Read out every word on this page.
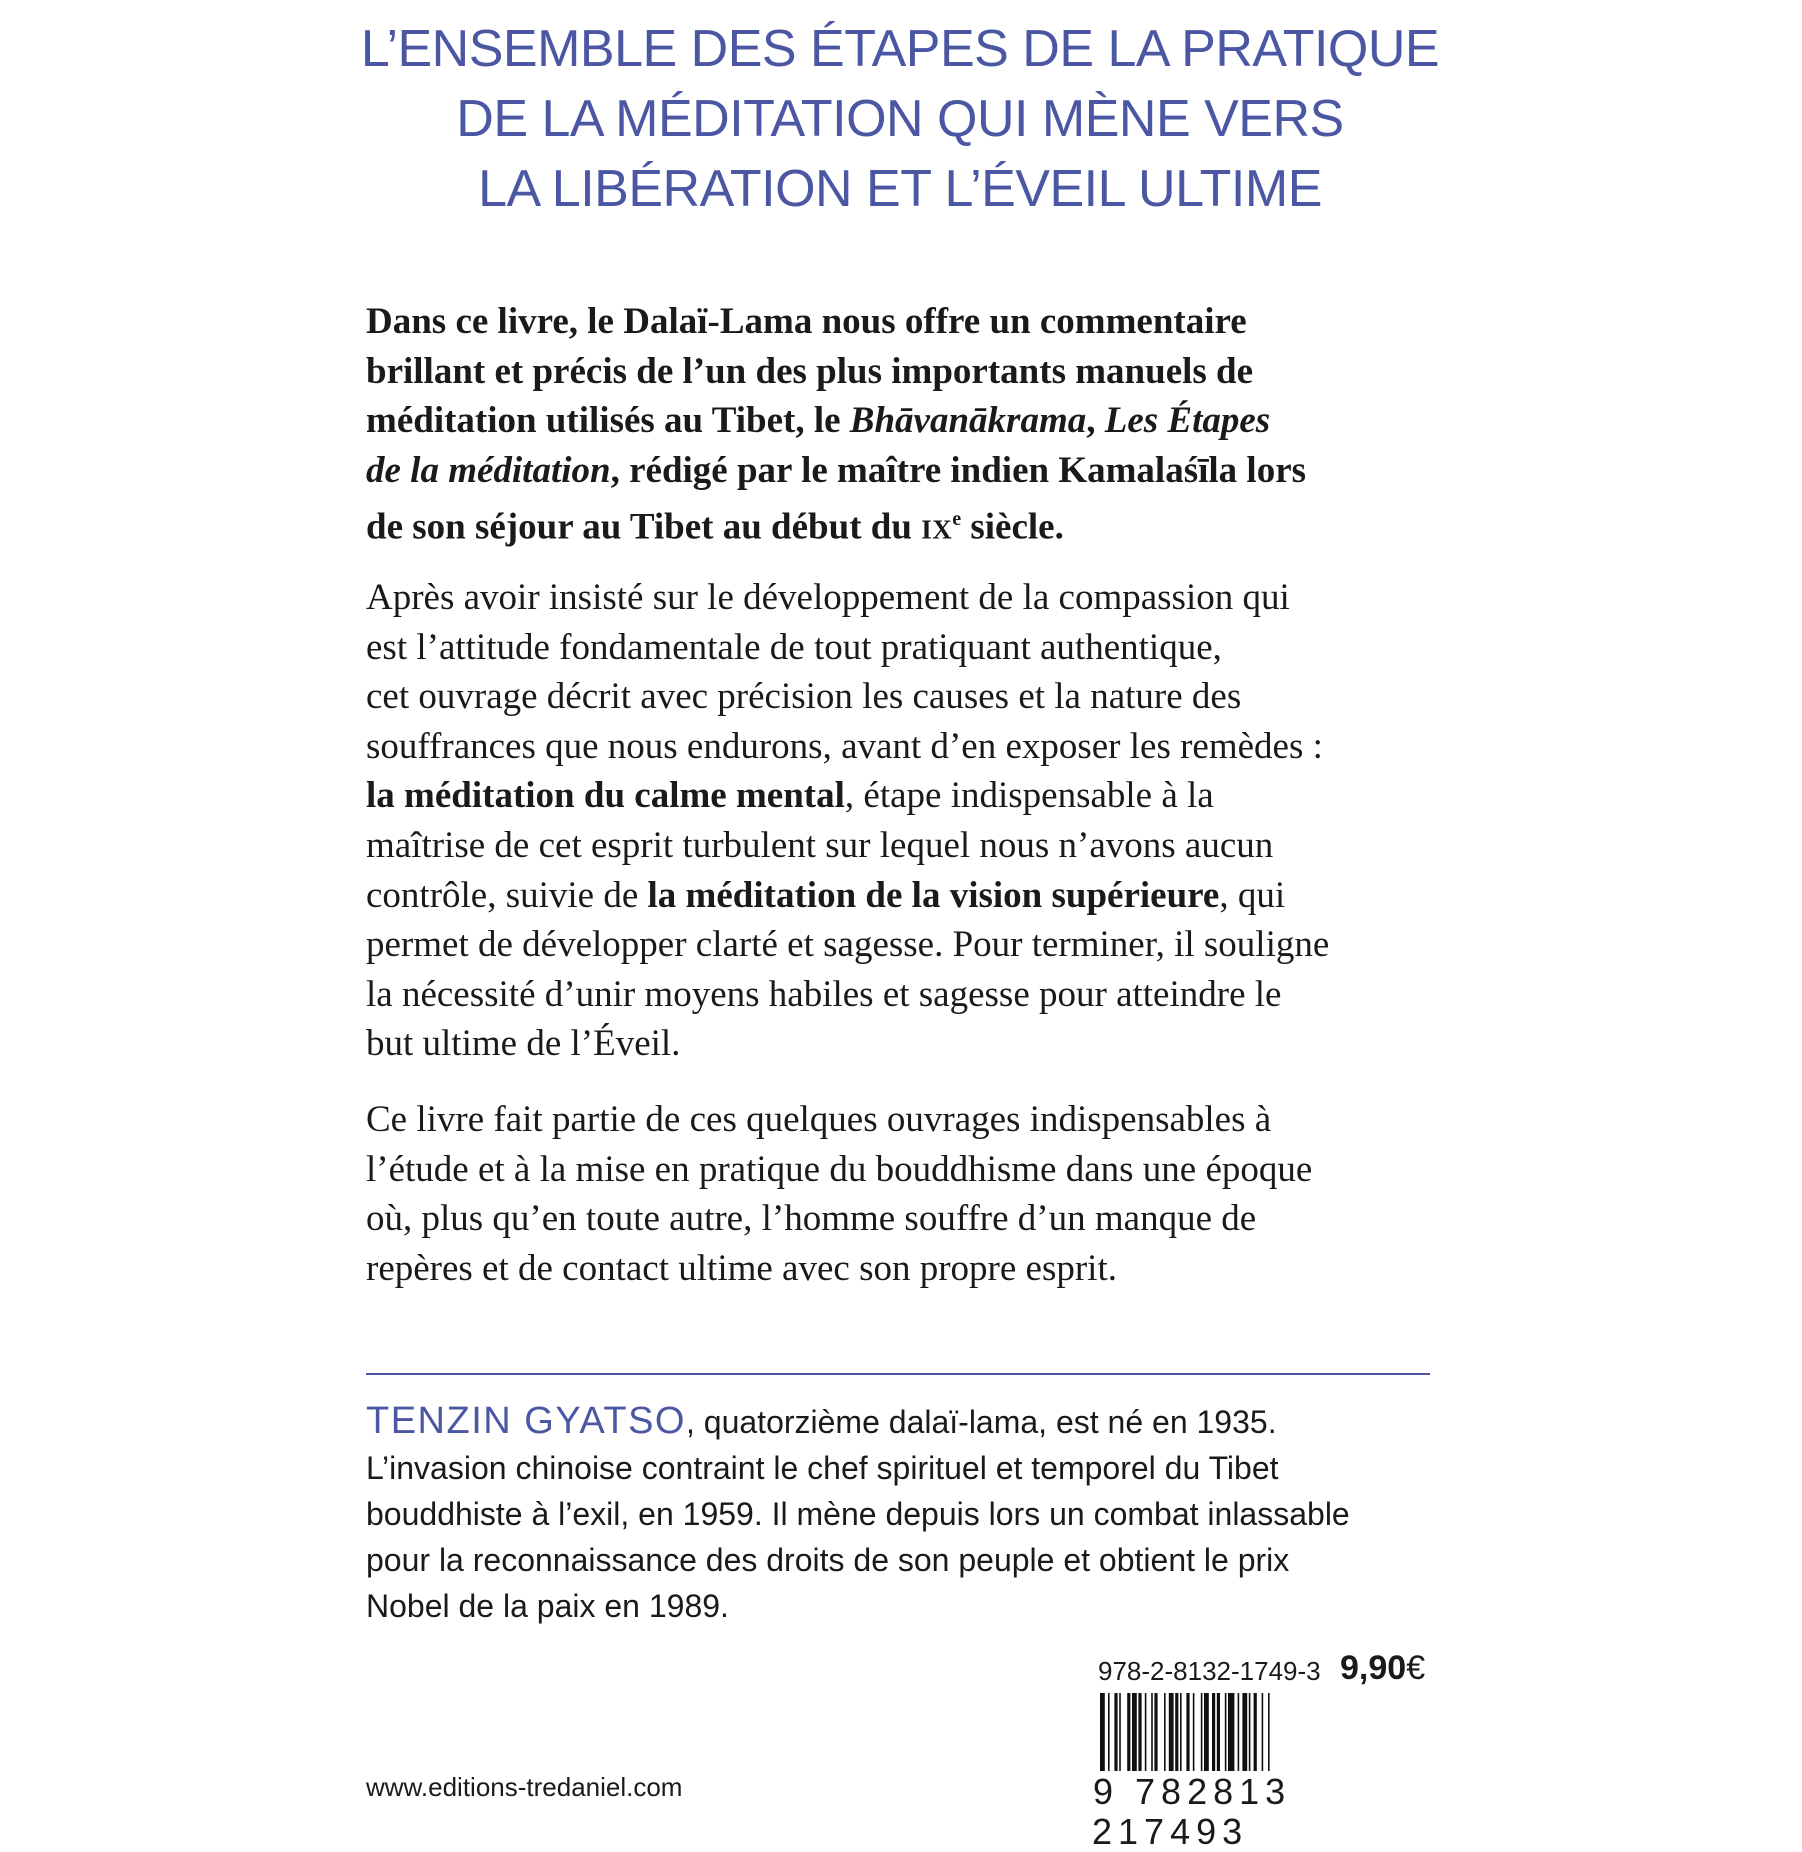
L’ENSEMBLE DES ÉTAPES DE LA PRATIQUE
DE LA MÉDITATION QUI MÈNE VERS
LA LIBÉRATION ET L’ÉVEIL ULTIME
Dans ce livre, le Dalaï-Lama nous offre un commentaire
brillant et précis de l’un des plus importants manuels de
méditation utilisés au Tibet, le Bhāvanākrama, Les Étapes
de la méditation, rédigé par le maître indien Kamalaśīla lors
de son séjour au Tibet au début du IXe siècle.
Après avoir insisté sur le développement de la compassion qui
est l’attitude fondamentale de tout pratiquant authentique,
cet ouvrage décrit avec précision les causes et la nature des
souffrances que nous endurons, avant d’en exposer les remèdes :
la méditation du calme mental, étape indispensable à la
maîtrise de cet esprit turbulent sur lequel nous n’avons aucun
contrôle, suivie de la méditation de la vision supérieure, qui
permet de développer clarté et sagesse. Pour terminer, il souligne
la nécessité d’unir moyens habiles et sagesse pour atteindre le
but ultime de l’Éveil.
Ce livre fait partie de ces quelques ouvrages indispensables à
l’étude et à la mise en pratique du bouddhisme dans une époque
où, plus qu’en toute autre, l’homme souffre d’un manque de
repères et de contact ultime avec son propre esprit.
TENZIN GYATSO, quatorzième dalaï-lama, est né en 1935.
L’invasion chinoise contraint le chef spirituel et temporel du Tibet
bouddhiste à l’exil, en 1959. Il mène depuis lors un combat inlassable
pour la reconnaissance des droits de son peuple et obtient le prix
Nobel de la paix en 1989.
978-2-8132-1749-3 9,90€
9 782813 217493
www.editions-tredaniel.com
